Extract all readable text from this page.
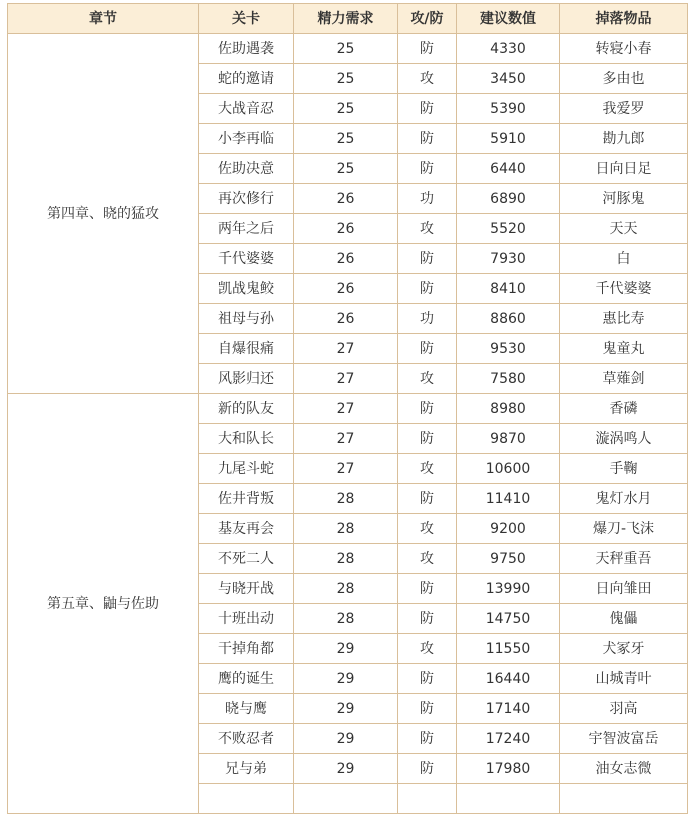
章节	关卡	精力需求	攻/防	建议数值	掉落物品
第四章、晓的猛攻	佐助遇袭	25	防	4330	转寝小春
	蛇的邀请	25	攻	3450	多由也
	大战音忍	25	防	5390	我爱罗
	小李再临	25	防	5910	勘九郎
	佐助决意	25	防	6440	日向日足
	再次修行	26	功	6890	河豚鬼
	两年之后	26	攻	5520	天天
	千代婆婆	26	防	7930	白
	凯战鬼鲛	26	防	8410	千代婆婆
	祖母与孙	26	功	8860	惠比寿
	自爆很痛	27	防	9530	鬼童丸
	风影归还	27	攻	7580	草薙剑
第五章、鼬与佐助	新的队友	27	防	8980	香磷
	大和队长	27	防	9870	漩涡鸣人
	九尾斗蛇	27	攻	10600	手鞠
	佐井背叛	28	防	11410	鬼灯水月
	基友再会	28	攻	9200	爆刀-飞沫
	不死二人	28	攻	9750	天秤重吾
	与晓开战	28	防	13990	日向雏田
	十班出动	28	防	14750	傀儡
	干掉角都	29	攻	11550	犬冢牙
	鹰的诞生	29	防	16440	山城青叶
	晓与鹰	29	防	17140	羽高
	不败忍者	29	防	17240	宇智波富岳
	兄与弟	29	防	17980	油女志微
